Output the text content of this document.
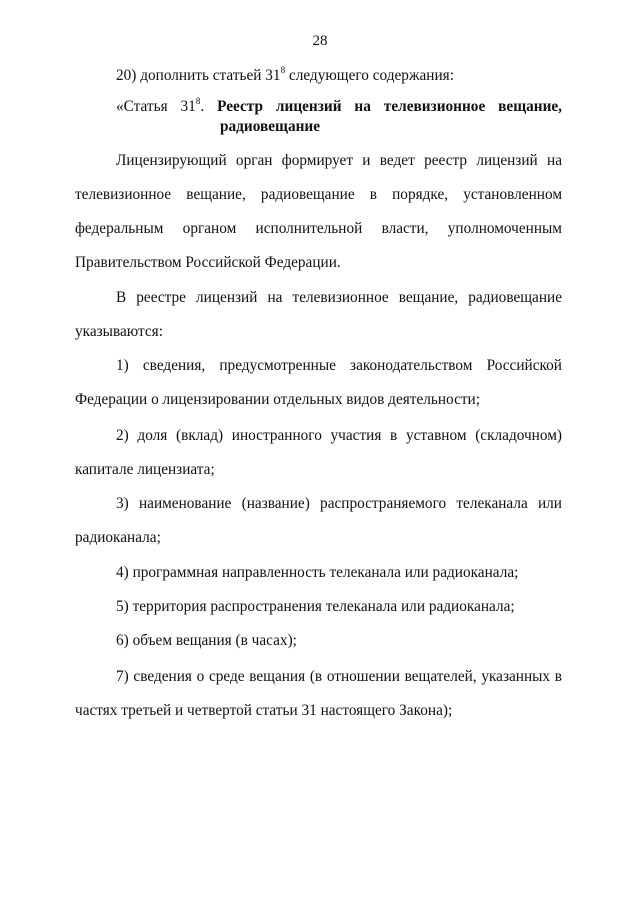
28
20) дополнить статьей $31^8$ следующего содержания:
«Статья $31^8$. Реестр лицензий на телевизионное вещание,
радиовещание
Лицензирующий орган формирует и ведет реестр лицензий на
телевизионное вещание, радиовещание в порядке, установленном
федеральным органом исполнительной власти, уполномоченным
Правительством Российской Федерации.
В реестре лицензий на телевизионное вещание, радиовещание
указываются:
1) сведения, предусмотренные законодательством Российской
Федерации о лицензировании отдельных видов деятельности;
2) доля (вклад) иностранного участия в уставном (складочном)
капитале лицензиата;
3) наименование (название) распространяемого телеканала или
радиоканала;
4) программная направленность телеканала или радиоканала;
5) территория распространения телеканала или радиоканала;
6) объем вещания (в часах);
7) сведения о среде вещания (в отношении вещателей, указанных в
частях третьей и четвертой статьи 31 настоящего Закона);
